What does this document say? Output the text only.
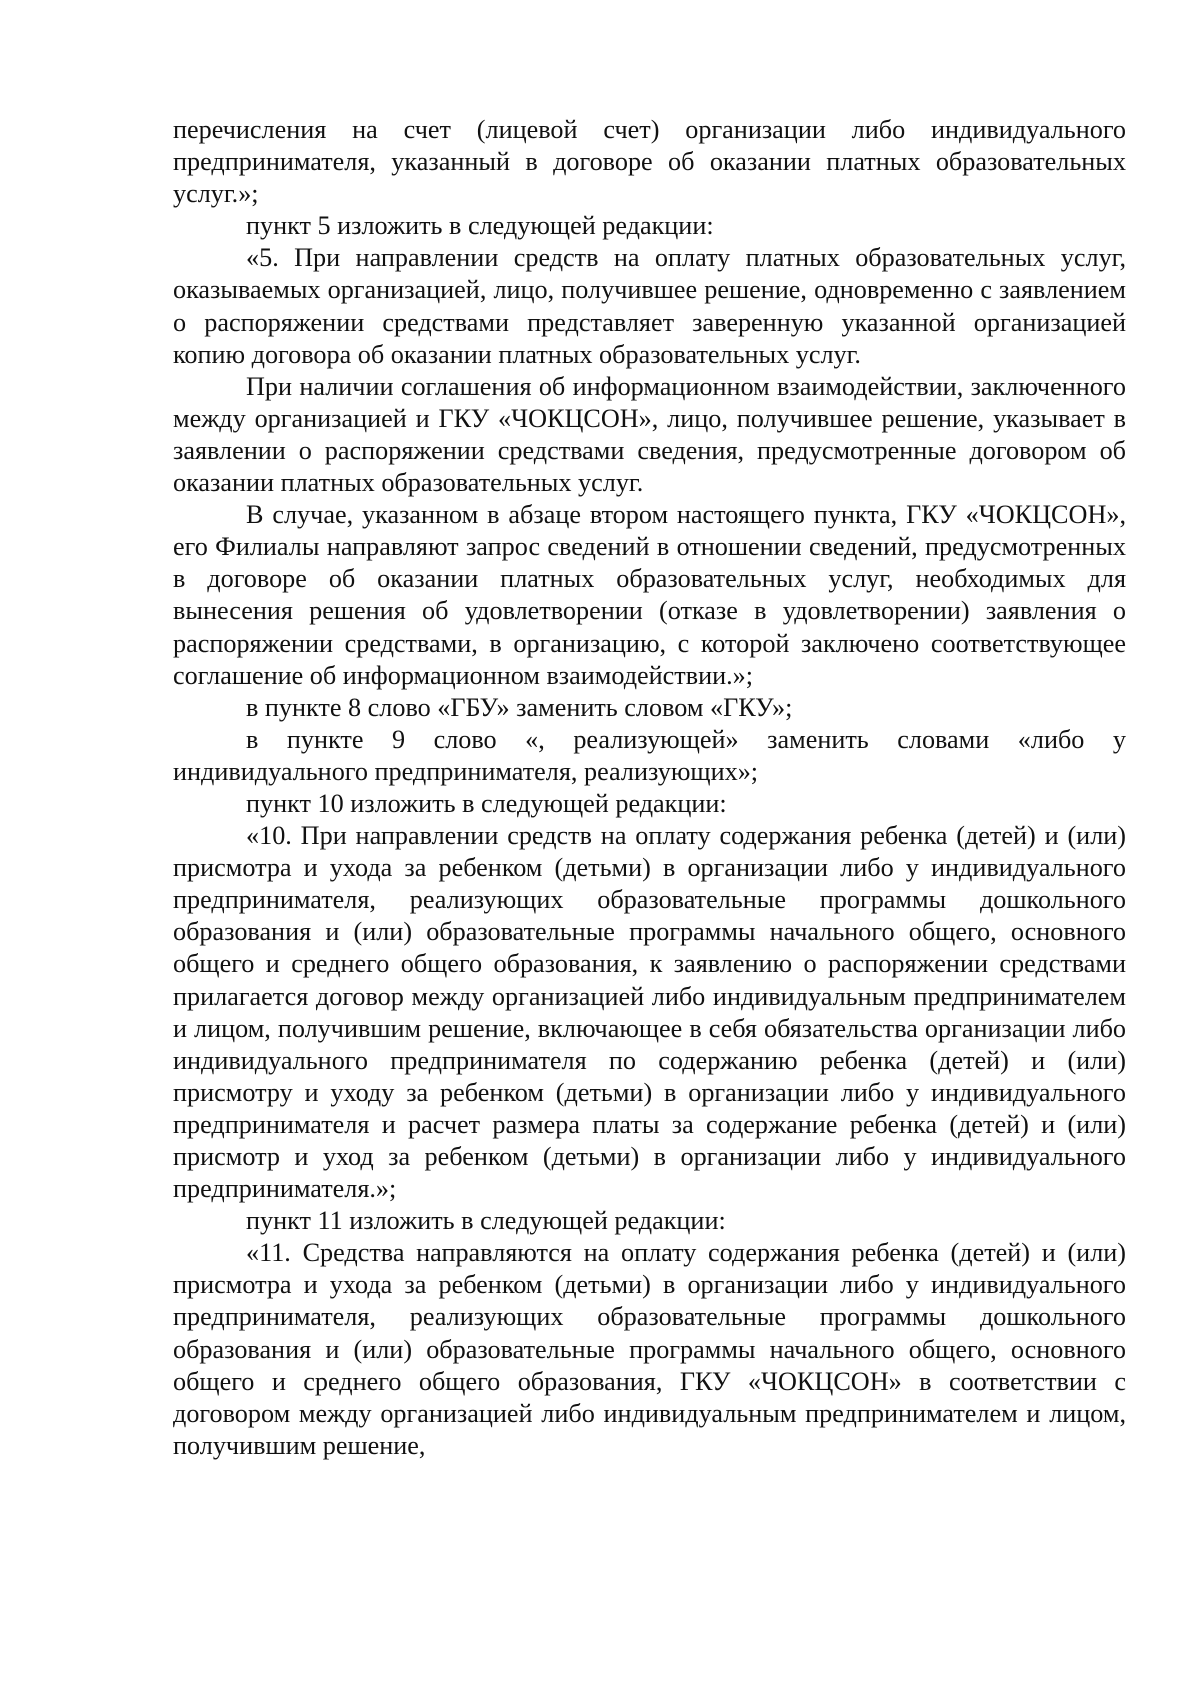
перечисления на счет (лицевой счет) организации либо индивидуального предпринимателя, указанный в договоре об оказании платных образовательных услуг.»;

пункт 5 изложить в следующей редакции:

«5. При направлении средств на оплату платных образовательных услуг, оказываемых организацией, лицо, получившее решение, одновременно с заявлением о распоряжении средствами представляет заверенную указанной организацией копию договора об оказании платных образовательных услуг.

При наличии соглашения об информационном взаимодействии, заключенного между организацией и ГКУ «ЧОКЦСОН», лицо, получившее решение, указывает в заявлении о распоряжении средствами сведения, предусмотренные договором об оказании платных образовательных услуг.

В случае, указанном в абзаце втором настоящего пункта, ГКУ «ЧОКЦСОН», его Филиалы направляют запрос сведений в отношении сведений, предусмотренных в договоре об оказании платных образовательных услуг, необходимых для вынесения решения об удовлетворении (отказе в удовлетворении) заявления о распоряжении средствами, в организацию, с которой заключено соответствующее соглашение об информационном взаимодействии.»;

в пункте 8 слово «ГБУ» заменить словом «ГКУ»;

в пункте 9 слово «, реализующей» заменить словами «либо у индивидуального предпринимателя, реализующих»;

пункт 10 изложить в следующей редакции:

«10. При направлении средств на оплату содержания ребенка (детей) и (или) присмотра и ухода за ребенком (детьми) в организации либо у индивидуального предпринимателя, реализующих образовательные программы дошкольного образования и (или) образовательные программы начального общего, основного общего и среднего общего образования, к заявлению о распоряжении средствами прилагается договор между организацией либо индивидуальным предпринимателем и лицом, получившим решение, включающее в себя обязательства организации либо индивидуального предпринимателя по содержанию ребенка (детей) и (или) присмотру и уходу за ребенком (детьми) в организации либо у индивидуального предпринимателя и расчет размера платы за содержание ребенка (детей) и (или) присмотр и уход за ребенком (детьми) в организации либо у индивидуального предпринимателя.»;

пункт 11 изложить в следующей редакции:

«11. Средства направляются на оплату содержания ребенка (детей) и (или) присмотра и ухода за ребенком (детьми) в организации либо у индивидуального предпринимателя, реализующих образовательные программы дошкольного образования и (или) образовательные программы начального общего, основного общего и среднего общего образования, ГКУ «ЧОКЦСОН» в соответствии с договором между организацией либо индивидуальным предпринимателем и лицом, получившим решение,
